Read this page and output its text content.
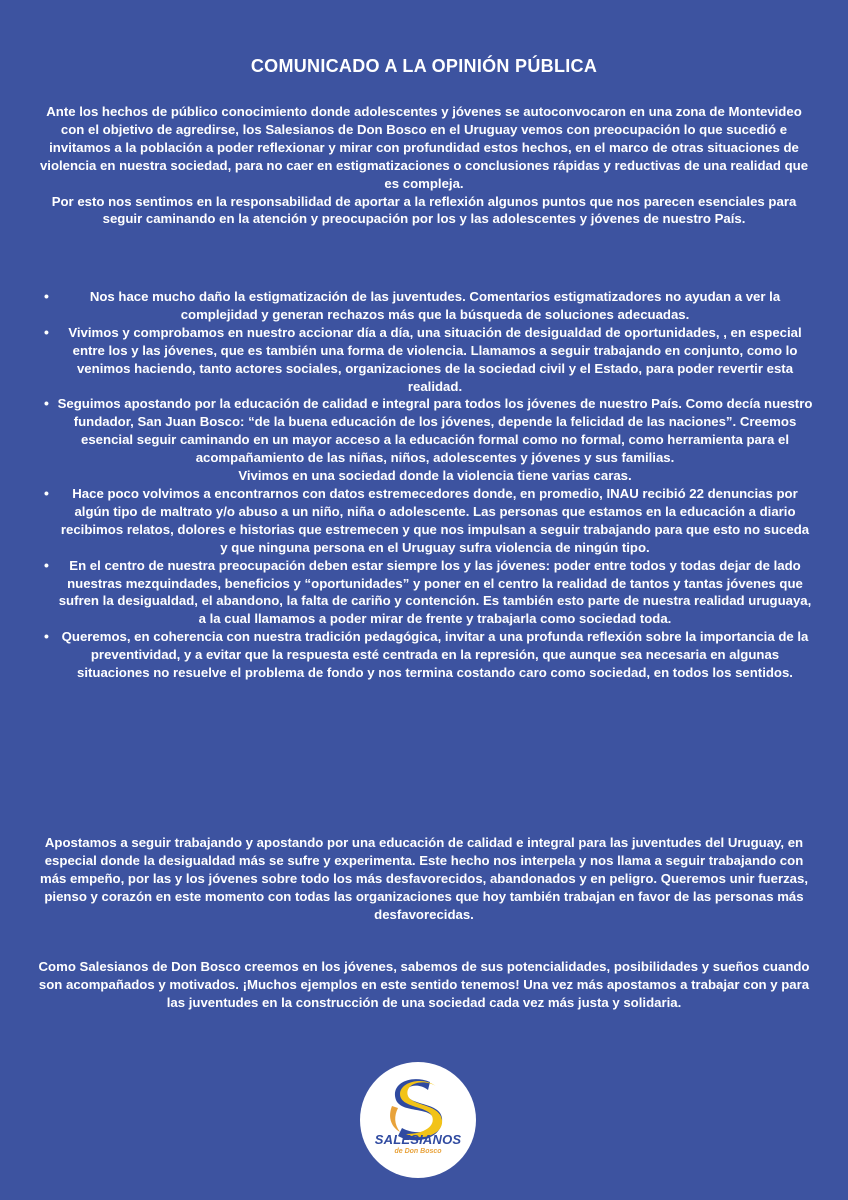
COMUNICADO A LA OPINIÓN PÚBLICA
Ante los hechos de público conocimiento donde adolescentes y jóvenes se autoconvocaron en una zona de Montevideo con el objetivo de agredirse, los Salesianos de Don Bosco en el Uruguay vemos con preocupación lo que sucedió e invitamos a la población a poder reflexionar y mirar con profundidad estos hechos, en el marco de otras situaciones de violencia en nuestra sociedad, para no caer en estigmatizaciones o conclusiones rápidas y reductivas de una realidad que es compleja.
Por esto nos sentimos en la responsabilidad de aportar a la reflexión algunos puntos que nos parecen esenciales para seguir caminando en la atención y preocupación por los y las adolescentes y jóvenes de nuestro País.
•	Nos hace mucho daño la estigmatización de las juventudes. Comentarios estigmatizadores no ayudan a ver la complejidad y generan rechazos más que la búsqueda de soluciones adecuadas.
• Vivimos y comprobamos en nuestro accionar día a día, una situación de desigualdad de oportunidades, , en especial entre los y las jóvenes, que es también una forma de violencia. Llamamos a seguir trabajando en conjunto, como lo venimos haciendo, tanto actores sociales, organizaciones de la sociedad civil y el Estado, para poder revertir esta realidad.
• Seguimos apostando por la educación de calidad e integral para todos los jóvenes de nuestro País. Como decía nuestro fundador, San Juan Bosco: “de la buena educación de los jóvenes, depende la felicidad de las naciones”. Creemos esencial seguir caminando en un mayor acceso a la educación formal como no formal, como herramienta para el acompañamiento de las niñas, niños, adolescentes y jóvenes y sus familias.
Vivimos en una sociedad donde la violencia tiene varias caras.
• Hace poco volvimos a encontrarnos con datos estremecedores donde, en promedio, INAU recibió 22 denuncias por algún tipo de maltrato y/o abuso a un niño, niña o adolescente. Las personas que estamos en la educación a diario recibimos relatos, dolores e historias que estremecen y que nos impulsan a seguir trabajando para que esto no suceda y que ninguna persona en el Uruguay sufra violencia de ningún tipo.
• En el centro de nuestra preocupación deben estar siempre los y las jóvenes: poder entre todos y todas dejar de lado nuestras mezquindades, beneficios y “oportunidades” y poner en el centro la realidad de tantos y tantas jóvenes que sufren la desigualdad, el abandono, la falta de cariño y contención. Es también esto parte de nuestra realidad uruguaya, a la cual llamamos a poder mirar de frente y trabajarla como sociedad toda.
• Queremos, en coherencia con nuestra tradición pedagógica, invitar a una profunda reflexión sobre la importancia de la preventividad, y a evitar que la respuesta esté centrada en la represión, que aunque sea necesaria en algunas situaciones no resuelve el problema de fondo y nos termina costando caro como sociedad, en todos los sentidos.

Apostamos a seguir trabajando y apostando por una educación de calidad e integral para las juventudes del Uruguay, en especial donde la desigualdad más se sufre y experimenta. Este hecho nos interpela y nos llama a seguir trabajando con más empeño, por las y los jóvenes sobre todo los más desfavorecidos, abandonados y en peligro. Queremos unir fuerzas, pienso y corazón en este momento con todas las organizaciones que hoy también trabajan en favor de las personas más desfavorecidas.

Como Salesianos de Don Bosco creemos en los jóvenes, sabemos de sus potencialidades, posibilidades y sueños cuando son acompañados y motivados. ¡Muchos ejemplos en este sentido tenemos! Una vez más apostamos a trabajar con y para las juventudes en la construcción de una sociedad cada vez más justa y solidaria.

SALESIANOS
de Don Bosco
